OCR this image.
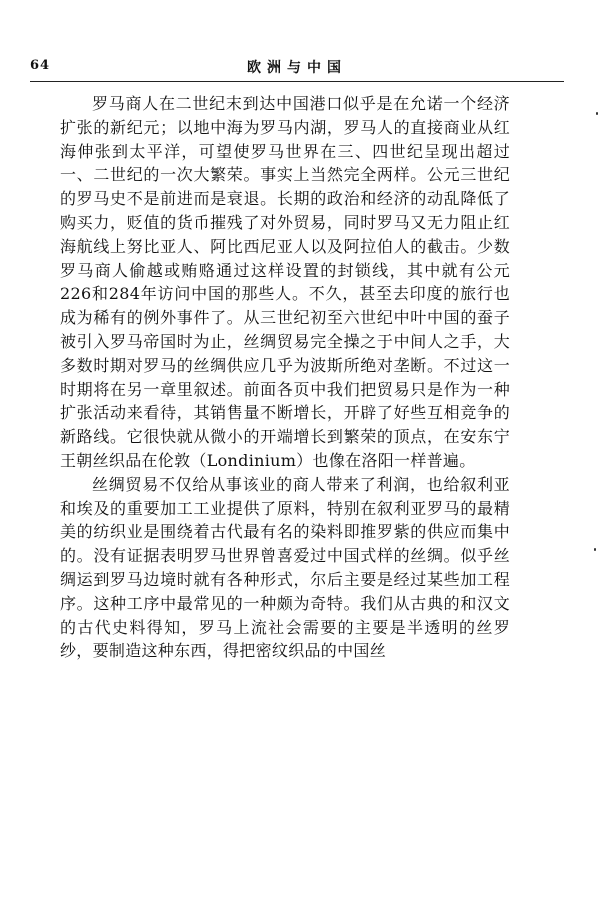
64	欧洲与中国

罗马商人在二世纪末到达中国港口似乎是在允诺一个经济扩张的新纪元；以地中海为罗马内湖，罗马人的直接商业从红海伸张到太平洋，可望使罗马世界在三、四世纪呈现出超过一、二世纪的一次大繁荣。事实上当然完全两样。公元三世纪的罗马史不是前进而是衰退。长期的政治和经济的动乱降低了购买力，贬值的货币摧残了对外贸易，同时罗马又无力阻止红海航线上努比亚人、阿比西尼亚人以及阿拉伯人的截击。少数罗马商人偷越或贿赂通过这样设置的封锁线，其中就有公元226和284年访问中国的那些人。不久，甚至去印度的旅行也成为稀有的例外事件了。从三世纪初至六世纪中叶中国的蚕子被引入罗马帝国时为止，丝绸贸易完全操之于中间人之手，大多数时期对罗马的丝绸供应几乎为波斯所绝对垄断。不过这一时期将在另一章里叙述。前面各页中我们把贸易只是作为一种扩张活动来看待，其销售量不断增长，开辟了好些互相竞争的新路线。它很快就从微小的开端增长到繁荣的顶点，在安东宁王朝丝织品在伦敦（Londinium）也像在洛阳一样普遍。

丝绸贸易不仅给从事该业的商人带来了利润，也给叙利亚和埃及的重要加工工业提供了原料，特别在叙利亚罗马的最精美的纺织业是围绕着古代最有名的染料即推罗紫的供应而集中的。没有证据表明罗马世界曾喜爱过中国式样的丝绸。似乎丝绸运到罗马边境时就有各种形式，尔后主要是经过某些加工程序。这种工序中最常见的一种颇为奇特。我们从古典的和汉文的古代史料得知，罗马上流社会需要的主要是半透明的丝罗纱，要制造这种东西，得把密纹织品的中国丝
